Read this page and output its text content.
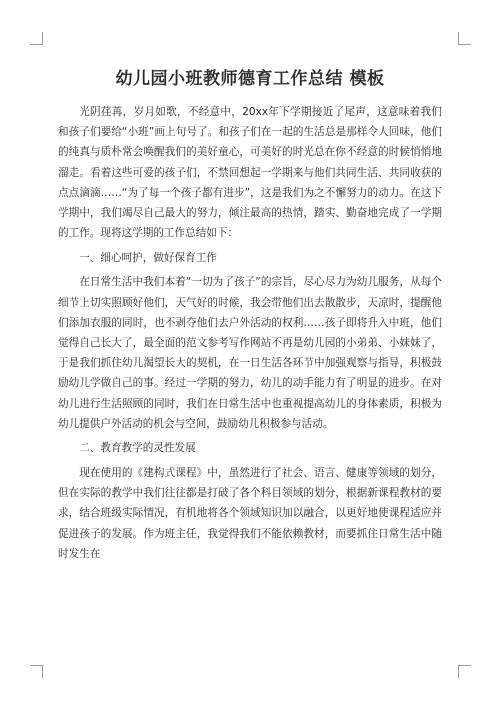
幼儿园小班教师德育工作总结 模板

光阴荏苒，岁月如歌，不经意中，20xx年下学期接近了尾声，这意味着我们和孩子们要给“小班”画上句号了。和孩子们在一起的生活总是那样令人回味，他们的纯真与质朴常会唤醒我们的美好童心，可美好的时光总在你不经意的时候悄悄地溜走。看着这些可爱的孩子们，不禁回想起一学期来与他们共同生活、共同收获的点点滴滴……“为了每一个孩子都有进步”，这是我们为之不懈努力的动力。在这下学期中，我们竭尽自己最大的努力，倾注最高的热情，踏实、勤奋地完成了一学期的工作。现将这学期的工作总结如下：

一、细心呵护，做好保育工作

在日常生活中我们本着“一切为了孩子”的宗旨，尽心尽力为幼儿服务，从每个细节上切实照顾好他们，天气好的时候，我会带他们出去散散步，天凉时，提醒他们添加衣服的同时，也不剥夺他们去户外活动的权利……孩子即将升入中班，他们觉得自己长大了，最全面的范文参考写作网站不再是幼儿园的小弟弟、小妹妹了，于是我们抓住幼儿渴望长大的契机，在一日生活各环节中加强观察与指导，积极鼓励幼儿学做自己的事。经过一学期的努力，幼儿的动手能力有了明显的进步。在对幼儿进行生活照顾的同时，我们在日常生活中也重视提高幼儿的身体素质，积极为幼儿提供户外活动的机会与空间，鼓励幼儿积极参与活动。

二、教育教学的灵性发展

现在使用的《建构式课程》中，虽然进行了社会、语言、健康等领域的划分，但在实际的教学中我们往往都是打破了各个科目领域的划分，根据新课程教材的要求，结合班级实际情况，有机地将各个领域知识加以融合，以更好地使课程适应并促进孩子的发展。作为班主任，我觉得我们不能依赖教材，而要抓住日常生活中随时发生在
